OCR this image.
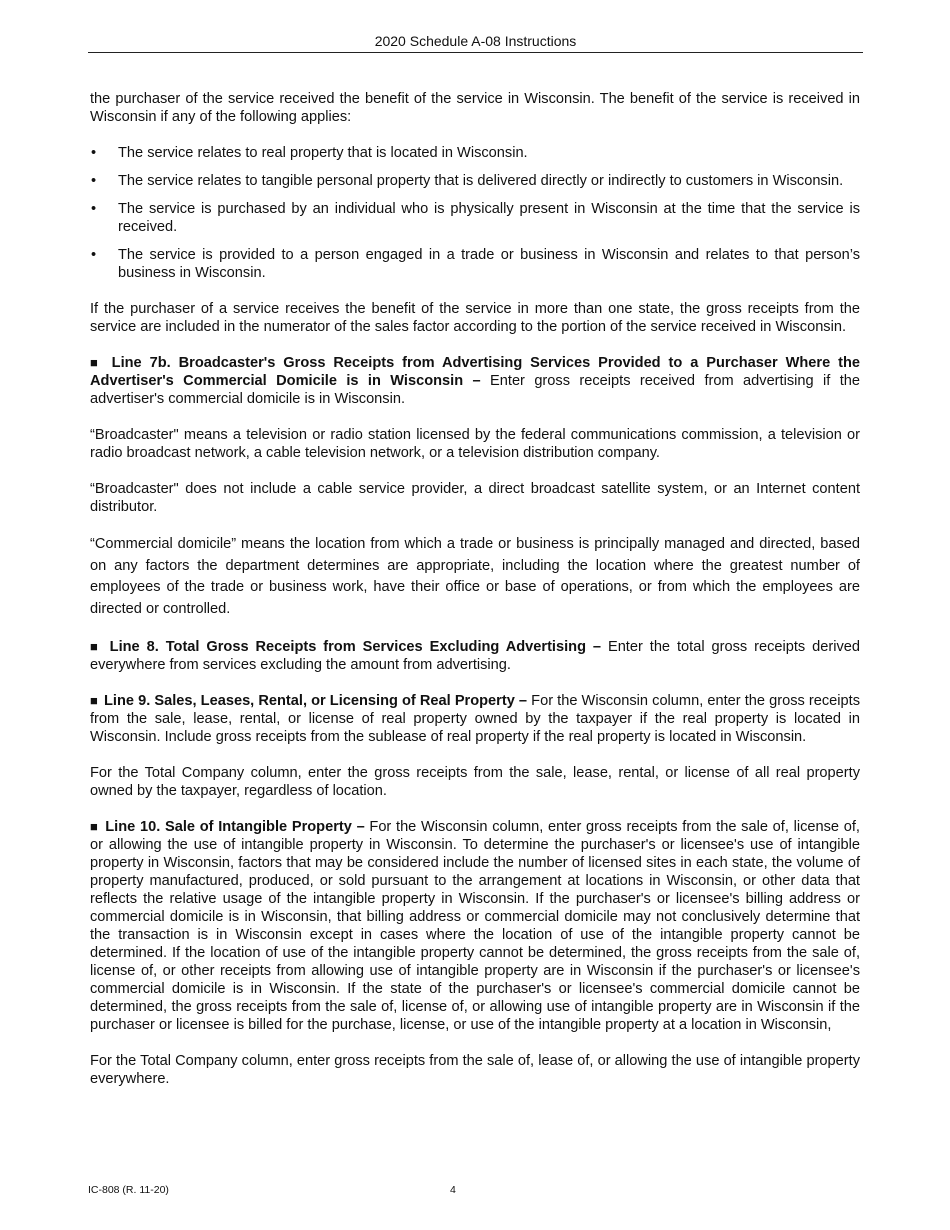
2020 Schedule A-08 Instructions

the purchaser of the service received the benefit of the service in Wisconsin. The benefit of the service is received in Wisconsin if any of the following applies:

• The service relates to real property that is located in Wisconsin.
• The service relates to tangible personal property that is delivered directly or indirectly to customers in Wisconsin.
• The service is purchased by an individual who is physically present in Wisconsin at the time that the service is received.
• The service is provided to a person engaged in a trade or business in Wisconsin and relates to that person’s business in Wisconsin.

If the purchaser of a service receives the benefit of the service in more than one state, the gross receipts from the service are included in the numerator of the sales factor according to the portion of the service received in Wisconsin.

■ Line 7b. Broadcaster's Gross Receipts from Advertising Services Provided to a Purchaser Where the Advertiser's Commercial Domicile is in Wisconsin – Enter gross receipts received from advertising if the advertiser's commercial domicile is in Wisconsin.

“Broadcaster" means a television or radio station licensed by the federal communications commission, a television or radio broadcast network, a cable television network, or a television distribution company.

“Broadcaster" does not include a cable service provider, a direct broadcast satellite system, or an Internet content distributor.

“Commercial domicile” means the location from which a trade or business is principally managed and directed, based on any factors the department determines are appropriate, including the location where the greatest number of employees of the trade or business work, have their office or base of operations, or from which the employees are directed or controlled.

■ Line 8. Total Gross Receipts from Services Excluding Advertising – Enter the total gross receipts derived everywhere from services excluding the amount from advertising.

■ Line 9. Sales, Leases, Rental, or Licensing of Real Property – For the Wisconsin column, enter the gross receipts from the sale, lease, rental, or license of real property owned by the taxpayer if the real property is located in Wisconsin. Include gross receipts from the sublease of real property if the real property is located in Wisconsin.

For the Total Company column, enter the gross receipts from the sale, lease, rental, or license of all real property owned by the taxpayer, regardless of location.

■ Line 10. Sale of Intangible Property – For the Wisconsin column, enter gross receipts from the sale of, license of, or allowing the use of intangible property in Wisconsin. To determine the purchaser's or licensee's use of intangible property in Wisconsin, factors that may be considered include the number of licensed sites in each state, the volume of property manufactured, produced, or sold pursuant to the arrangement at locations in Wisconsin, or other data that reflects the relative usage of the intangible property in Wisconsin. If the purchaser's or licensee's billing address or commercial domicile is in Wisconsin, that billing address or commercial domicile may not conclusively determine that the transaction is in Wisconsin except in cases where the location of use of the intangible property cannot be determined. If the location of use of the intangible property cannot be determined, the gross receipts from the sale of, license of, or other receipts from allowing use of intangible property are in Wisconsin if the purchaser's or licensee's commercial domicile is in Wisconsin. If the state of the purchaser's or licensee's commercial domicile cannot be determined, the gross receipts from the sale of, license of, or allowing use of intangible property are in Wisconsin if the purchaser or licensee is billed for the purchase, license, or use of the intangible property at a location in Wisconsin,

For the Total Company column, enter gross receipts from the sale of, lease of, or allowing the use of intangible property everywhere.

IC-808 (R. 11-20)	4
